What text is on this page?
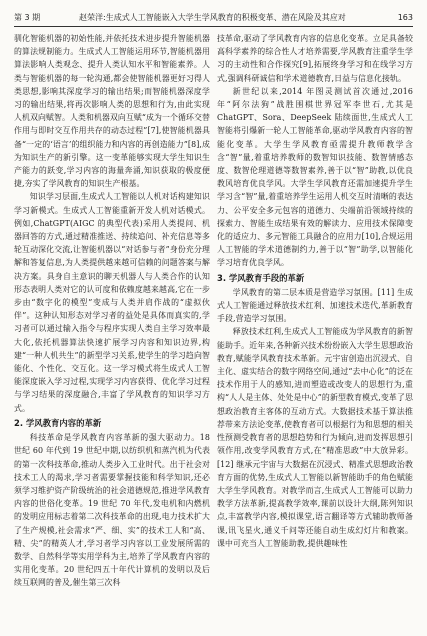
第 3 期	赵荣洋:生成式人工智能嵌入大学生学风教育的积极变革、潜在风险及其应对	163

驯化智能机器的初始性能,并依托技术进步提升智能机器的算法规制能力。生成式人工智能运用环节,智能机器用算法影响人类观念、提升人类认知水平和智能素养。人类与智能机器的每一轮沟通,都会使智能机器更好习得人类思想,影响其深度学习的输出结果;而智能机器深度学习的输出结果,将再次影响人类的思想和行为,由此实现人机双向赋智。人类和机器双向互赋“成为一个循环交替作用与即时交互作用共存的动态过程”[7],使智能机器具备“一定的‘语言’的组织能力和内容的再创造能力”[8],成为知识生产的新引擎。这一变革能够实现大学生知识生产能力的跃变,学习内容的海量奔涌,知识获取的极度便捷,夯实了学风教育的知识生产根基。

知识学习层面,生成式人工智能以人机对话构建知识学习新模式。生成式人工智能重新开发人机对话模式。例如,ChatGPT(AIGC 的典型代表)采用人类提问、机器回答的方式,通过精准推送、持续追问、补充信息等多轮互动深化交流,让智能机器以“对话参与者”身份充分理解和答复信息,为人类提供越来越可信赖的问题答案与解决方案。具身自主意识的聊天机器人与人类合作的认知形态表明人类对它的认可度和依赖度越来越高,它在一步步由“数字化的模型”变成与人类并肩作战的“虚拟伙伴”。这种认知形态对学习者的益处是具体而真实的,学习者可以通过输入指令与程序实现人类自主学习效率最大化,依托机器算法快速扩展学习内容和知识边界,构建“一种人机共生”的新型学习关系,使学生的学习趋向智能化、个性化、交互化。这一学习模式将生成式人工智能深度嵌入学习过程,实现学习内容获得、优化学习过程与学习结果的深度融合,丰富了学风教育的知识学习方式。

2. 学风教育内容的革新

科技革命是学风教育内容革新的强大驱动力。18 世纪 60 年代到 19 世纪中期,以纺织机和蒸汽机为代表的第一次科技革命,推动人类步入工业时代。出于社会对技术工人的渴求,学习者需要掌握技能和科学知识,还必须学习维护资产阶级统治的社会道德规范,推进学风教育内容的世俗化变革。19 世纪 70 年代,发电机和内燃机的发明应用标志着第二次科技革命的出现,电力技术扩大了生产规模,社会需求“严、细、实”的技术工人和“高、精、尖”的精英人才,学习者学习内容以工业发展所需的数学、自然科学等实用学科为主,培养了学风教育内容的实用化变革。20 世纪四五十年代计算机的发明以及后续互联网的普及,催生第三次科

技革命,驱动了学风教育内容的信息化变革。立足具备较高科学素养的综合性人才培养需要,学风教育注重学生学习的主动性和合作探究[9],拓展终身学习和在线学习方式,强调科研诚信和学术道德教育,日益与信息化接轨。

新世纪以来,2014 年图灵测试首次通过,2016 年“阿尔法狗”战胜围棋世界冠军李世石,尤其是 ChatGPT、Sora、DeepSeek 陆续面世,生成式人工智能将引爆新一轮人工智能革命,驱动学风教育内容的智能化变革。大学生学风教育亟需提升教师教学含含“智”量,着重培养教师的数智知识技能、数智情感态度、数智伦理道德等数智素养,善于以“智”助教,以优良教风培育优良学风。大学生学风教育还需加速提升学生学习含“智”量,着重培养学生运用人机交互时清晰的表达力、公平安全多元包容的道德力、尖端前沿领域持续的探索力、智能生成结果有效的解读力、应用技术保障变化的适应力、多元智能工具融合的应用力[10],合规运用人工智能的学术道德制约力,善于以“智”助学,以智能化学习培育优良学风。

3. 学风教育手段的革新

学风教育的第二层本质是营造学习氛围。[11] 生成式人工智能通过释放技术红利、加速技术迭代,革新教育手段,营造学习氛围。

释放技术红利,生成式人工智能成为学风教育的新智能助手。近年来,各种新兴技术纷纷嵌入大学生思想政治教育,赋能学风教育技术革新。元宇宙创造出沉浸式、自主化、虚实结合的数字网络空间,通过“去中心化”的泛在技术作用于人的感知,进而塑造或改变人的思想行为,重构“人人是主体、处处是中心”的新型教育模式,变革了思想政治教育主客体的互动方式。大数据技术基于算法推荐带来方法论变革,使教育者可以根据行为和思想的相关性预测受教育者的思想趋势和行为倾向,进而发挥思想引领作用,改变学风教育方式,在“精准思政”中大放异彩。[12] 继承元宇宙与大数据在沉浸式、精准式思想政治教育方面的优势,生成式人工智能以新智能助手的角色赋能大学生学风教育。对教学而言,生成式人工智能可以助力教学方法革新,提高教学效率,课前以设计大纲,陈列知识点,丰富教学内容,模拟课堂,语言翻译等方式辅助教师备课,讯飞星火,通义千问等还能自动生成幻灯片和教案。课中可充当人工智能助教,提供趣味性
